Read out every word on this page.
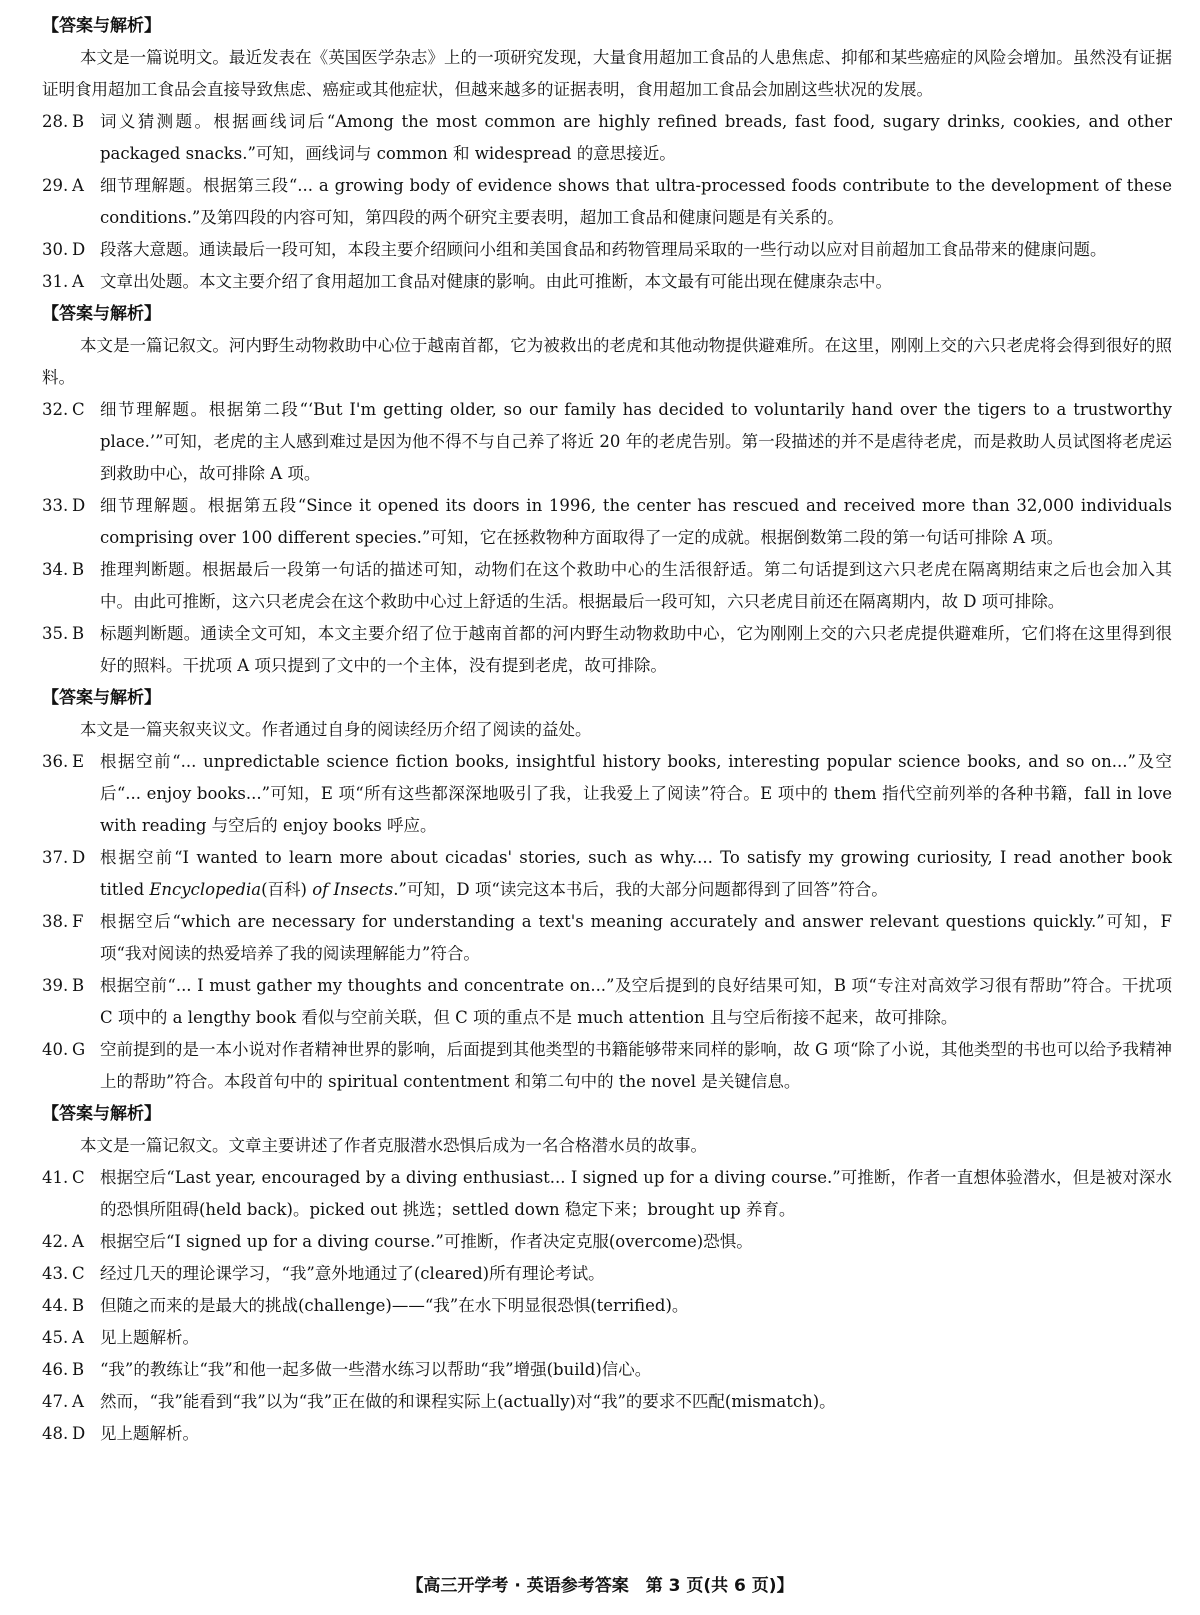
【答案与解析】
本文是一篇说明文。最近发表在《英国医学杂志》上的一项研究发现，大量食用超加工食品的人患焦虑、抑郁和某些癌症的风险会增加。虽然没有证据证明食用超加工食品会直接导致焦虑、癌症或其他症状，但越来越多的证据表明，食用超加工食品会加剧这些状况的发展。
28. B 词义猜测题。根据画线词后“Among the most common are highly refined breads, fast food, sugary drinks, cookies, and other packaged snacks.”可知，画线词与 common 和 widespread 的意思接近。
29. A 细节理解题。根据第三段“... a growing body of evidence shows that ultra-processed foods contribute to the development of these conditions.”及第四段的内容可知，第四段的两个研究主要表明，超加工食品和健康问题是有关系的。
30. D 段落大意题。通读最后一段可知，本段主要介绍顾问小组和美国食品和药物管理局采取的一些行动以应对目前超加工食品带来的健康问题。
31. A 文章出处题。本文主要介绍了食用超加工食品对健康的影响。由此可推断，本文最有可能出现在健康杂志中。
【答案与解析】
本文是一篇记叙文。河内野生动物救助中心位于越南首都，它为被救出的老虎和其他动物提供避难所。在这里，刚刚上交的六只老虎将会得到很好的照料。
32. C 细节理解题。根据第二段“‘But I'm getting older, so our family has decided to voluntarily hand over the tigers to a trustworthy place.’”可知，老虎的主人感到难过是因为他不得不与自己养了将近 20 年的老虎告别。第一段描述的并不是虐待老虎，而是救助人员试图将老虎运到救助中心，故可排除 A 项。
33. D 细节理解题。根据第五段“Since it opened its doors in 1996, the center has rescued and received more than 32,000 individuals comprising over 100 different species.”可知，它在拯救物种方面取得了一定的成就。根据倒数第二段的第一句话可排除 A 项。
34. B 推理判断题。根据最后一段第一句话的描述可知，动物们在这个救助中心的生活很舒适。第二句话提到这六只老虎在隔离期结束之后也会加入其中。由此可推断，这六只老虎会在这个救助中心过上舒适的生活。根据最后一段可知，六只老虎目前还在隔离期内，故 D 项可排除。
35. B 标题判断题。通读全文可知，本文主要介绍了位于越南首都的河内野生动物救助中心，它为刚刚上交的六只老虎提供避难所，它们将在这里得到很好的照料。干扰项 A 项只提到了文中的一个主体，没有提到老虎，故可排除。
【答案与解析】
本文是一篇夹叙夹议文。作者通过自身的阅读经历介绍了阅读的益处。
36. E 根据空前“... unpredictable science fiction books, insightful history books, interesting popular science books, and so on...”及空后“... enjoy books...”可知，E 项“所有这些都深深地吸引了我，让我爱上了阅读”符合。E 项中的 them 指代空前列举的各种书籍，fall in love with reading 与空后的 enjoy books 呼应。
37. D 根据空前“I wanted to learn more about cicadas' stories, such as why.... To satisfy my growing curiosity, I read another book titled Encyclopedia(百科) of Insects.”可知，D 项“读完这本书后，我的大部分问题都得到了回答”符合。
38. F	根据空后“which are necessary for understanding a text's meaning accurately and answer relevant questions quickly.”可知，F 项“我对阅读的热爱培养了我的阅读理解能力”符合。
39. B 根据空前“... I must gather my thoughts and concentrate on...”及空后提到的良好结果可知，B 项“专注对高效学习很有帮助”符合。干扰项 C 项中的 a lengthy book 看似与空前关联，但 C 项的重点不是 much attention 且与空后衔接不起来，故可排除。
40. G 空前提到的是一本小说对作者精神世界的影响，后面提到其他类型的书籍能够带来同样的影响，故 G 项“除了小说，其他类型的书也可以给予我精神上的帮助”符合。本段首句中的 spiritual contentment 和第二句中的 the novel 是关键信息。
【答案与解析】
本文是一篇记叙文。文章主要讲述了作者克服潜水恐惧后成为一名合格潜水员的故事。
41. C 根据空后“Last year, encouraged by a diving enthusiast... I signed up for a diving course.”可推断，作者一直想体验潜水，但是被对深水的恐惧所阻碍(held back)。picked out 挑选；settled down 稳定下来；brought up 养育。
42. A 根据空后“I signed up for a diving course.”可推断，作者决定克服(overcome)恐惧。
43. C 经过几天的理论课学习，“我”意外地通过了(cleared)所有理论考试。
44. B 但随之而来的是最大的挑战(challenge)——“我”在水下明显很恐惧(terrified)。
45. A 见上题解析。
46. B “我”的教练让“我”和他一起多做一些潜水练习以帮助“我”增强(build)信心。
47. A 然而，“我”能看到“我”以为“我”正在做的和课程实际上(actually)对“我”的要求不匹配(mismatch)。
48. D 见上题解析。
【高三开学考 · 英语参考答案　第 3 页(共 6 页)】
